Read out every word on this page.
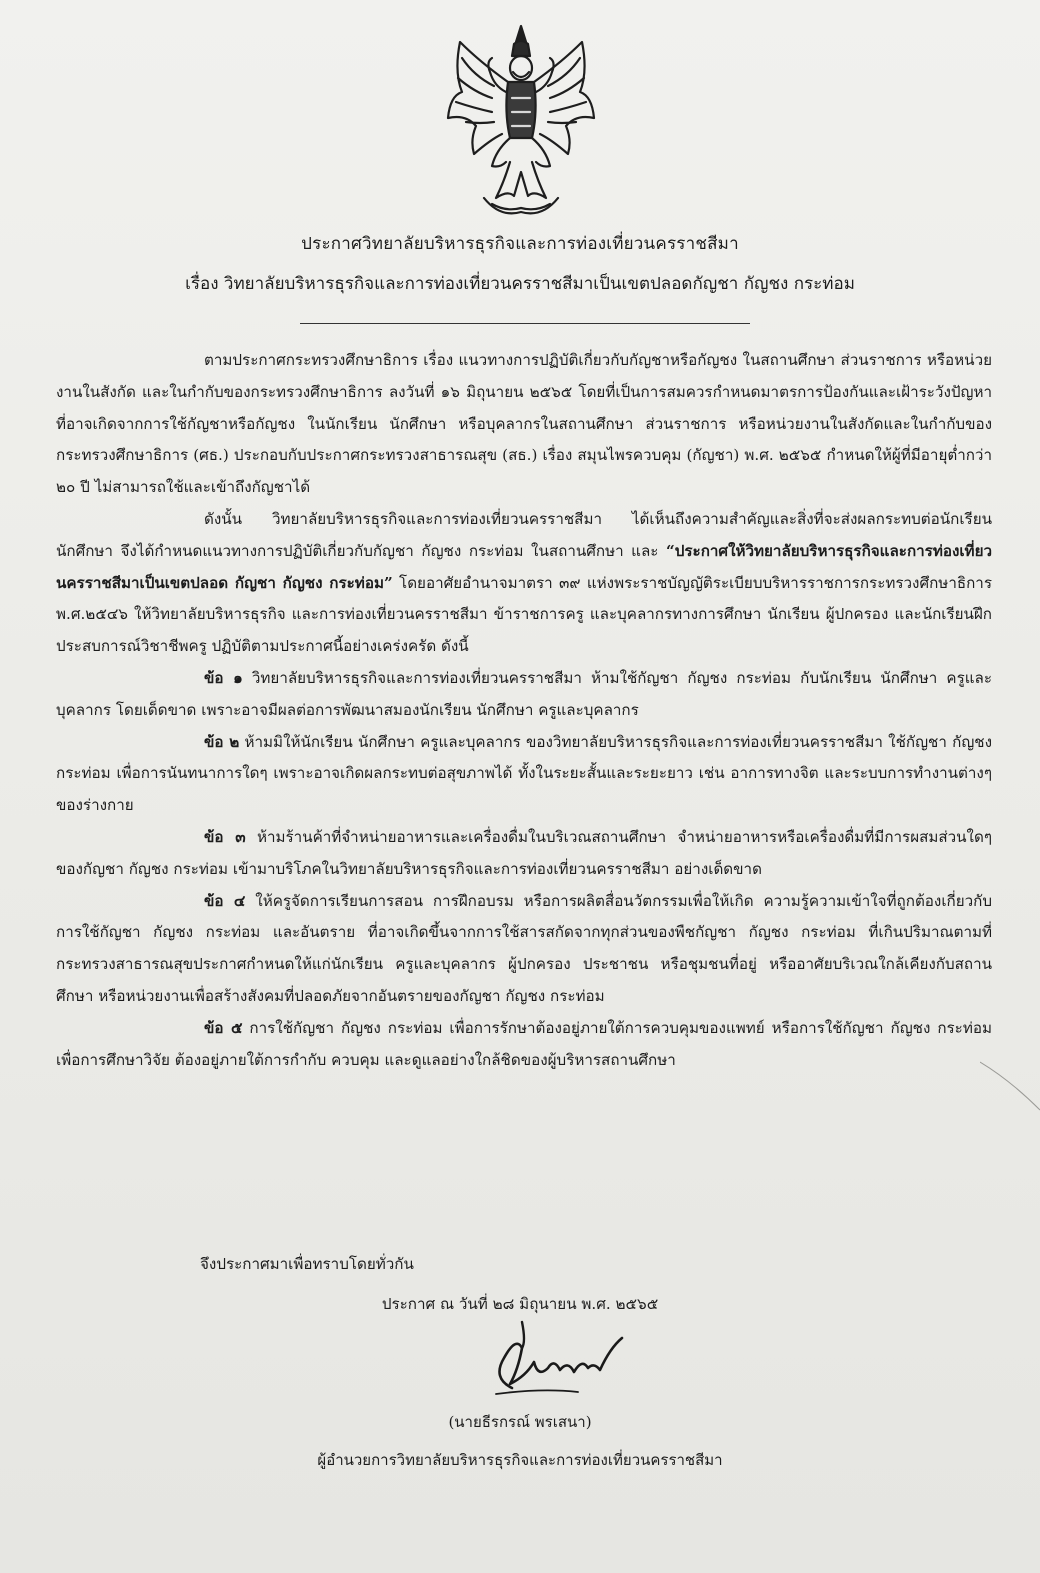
ประกาศวิทยาลัยบริหารธุรกิจและการท่องเที่ยวนครราชสีมา
เรื่อง วิทยาลัยบริหารธุรกิจและการท่องเที่ยวนครราชสีมาเป็นเขตปลอดกัญชา กัญชง กระท่อม

ตามประกาศกระทรวงศึกษาธิการ เรื่อง แนวทางการปฏิบัติเกี่ยวกับกัญชาหรือกัญชง ในสถานศึกษา ส่วนราชการ หรือหน่วยงานในสังกัด และในกำกับของกระทรวงศึกษาธิการ ลงวันที่ ๑๖ มิถุนายน ๒๕๖๕ โดยที่เป็นการสมควรกำหนดมาตรการป้องกันและเฝ้าระวังปัญหาที่อาจเกิดจากการใช้กัญชาหรือกัญชง ในนักเรียน นักศึกษา หรือบุคลากรในสถานศึกษา ส่วนราชการ หรือหน่วยงานในสังกัดและในกำกับของกระทรวงศึกษาธิการ (ศธ.) ประกอบกับประกาศกระทรวงสาธารณสุข (สธ.) เรื่อง สมุนไพรควบคุม (กัญชา) พ.ศ. ๒๕๖๕ กำหนดให้ผู้ที่มีอายุต่ำกว่า ๒๐ ปี ไม่สามารถใช้และเข้าถึงกัญชาได้

ดังนั้น วิทยาลัยบริหารธุรกิจและการท่องเที่ยวนครราชสีมา ได้เห็นถึงความสำคัญและสิ่งที่จะส่งผลกระทบต่อนักเรียน นักศึกษา จึงได้กำหนดแนวทางการปฏิบัติเกี่ยวกับกัญชา กัญชง กระท่อม ในสถานศึกษา และ “ประกาศให้วิทยาลัยบริหารธุรกิจและการท่องเที่ยวนครราชสีมาเป็นเขตปลอด กัญชา กัญชง กระท่อม” โดยอาศัยอำนาจมาตรา ๓๙ แห่งพระราชบัญญัติระเบียบบริหารราชการกระทรวงศึกษาธิการ พ.ศ.๒๕๔๖ ให้วิทยาลัยบริหารธุรกิจ และการท่องเที่ยวนครราชสีมา ข้าราชการครู และบุคลากรทางการศึกษา นักเรียน ผู้ปกครอง และนักเรียนฝึกประสบการณ์วิชาชีพครู ปฏิบัติตามประกาศนี้อย่างเคร่งครัด ดังนี้

ข้อ ๑ วิทยาลัยบริหารธุรกิจและการท่องเที่ยวนครราชสีมา ห้ามใช้กัญชา กัญชง กระท่อม กับนักเรียน นักศึกษา ครูและบุคลากร โดยเด็ดขาด เพราะอาจมีผลต่อการพัฒนาสมองนักเรียน นักศึกษา ครูและบุคลากร

ข้อ ๒ ห้ามมิให้นักเรียน นักศึกษา ครูและบุคลากร ของวิทยาลัยบริหารธุรกิจและการท่องเที่ยวนครราชสีมา ใช้กัญชา กัญชง กระท่อม เพื่อการนันทนาการใดๆ เพราะอาจเกิดผลกระทบต่อสุขภาพได้ ทั้งในระยะสั้นและระยะยาว เช่น อาการทางจิต และระบบการทำงานต่างๆ ของร่างกาย

ข้อ ๓ ห้ามร้านค้าที่จำหน่ายอาหารและเครื่องดื่มในบริเวณสถานศึกษา จำหน่ายอาหารหรือเครื่องดื่มที่มีการผสมส่วนใดๆ ของกัญชา กัญชง กระท่อม เข้ามาบริโภคในวิทยาลัยบริหารธุรกิจและการท่องเที่ยวนครราชสีมา อย่างเด็ดขาด

ข้อ ๔ ให้ครูจัดการเรียนการสอน การฝึกอบรม หรือการผลิตสื่อนวัตกรรมเพื่อให้เกิด ความรู้ความเข้าใจที่ถูกต้องเกี่ยวกับการใช้กัญชา กัญชง กระท่อม และอันตราย ที่อาจเกิดขึ้นจากการใช้สารสกัดจากทุกส่วนของพืชกัญชา กัญชง กระท่อม ที่เกินปริมาณตามที่กระทรวงสาธารณสุขประกาศกำหนดให้แก่นักเรียน ครูและบุคลากร ผู้ปกครอง ประชาชน หรือชุมชนที่อยู่ หรืออาศัยบริเวณใกล้เคียงกับสถานศึกษา หรือหน่วยงานเพื่อสร้างสังคมที่ปลอดภัยจากอันตรายของกัญชา กัญชง กระท่อม

ข้อ ๕ การใช้กัญชา กัญชง กระท่อม เพื่อการรักษาต้องอยู่ภายใต้การควบคุมของแพทย์ หรือการใช้กัญชา กัญชง กระท่อม เพื่อการศึกษาวิจัย ต้องอยู่ภายใต้การกำกับ ควบคุม และดูแลอย่างใกล้ชิดของผู้บริหารสถานศึกษา

จึงประกาศมาเพื่อทราบโดยทั่วกัน
ประกาศ ณ วันที่ ๒๘ มิถุนายน พ.ศ. ๒๕๖๕
(นายธีรกรณ์ พรเสนา)
ผู้อำนวยการวิทยาลัยบริหารธุรกิจและการท่องเที่ยวนครราชสีมา
